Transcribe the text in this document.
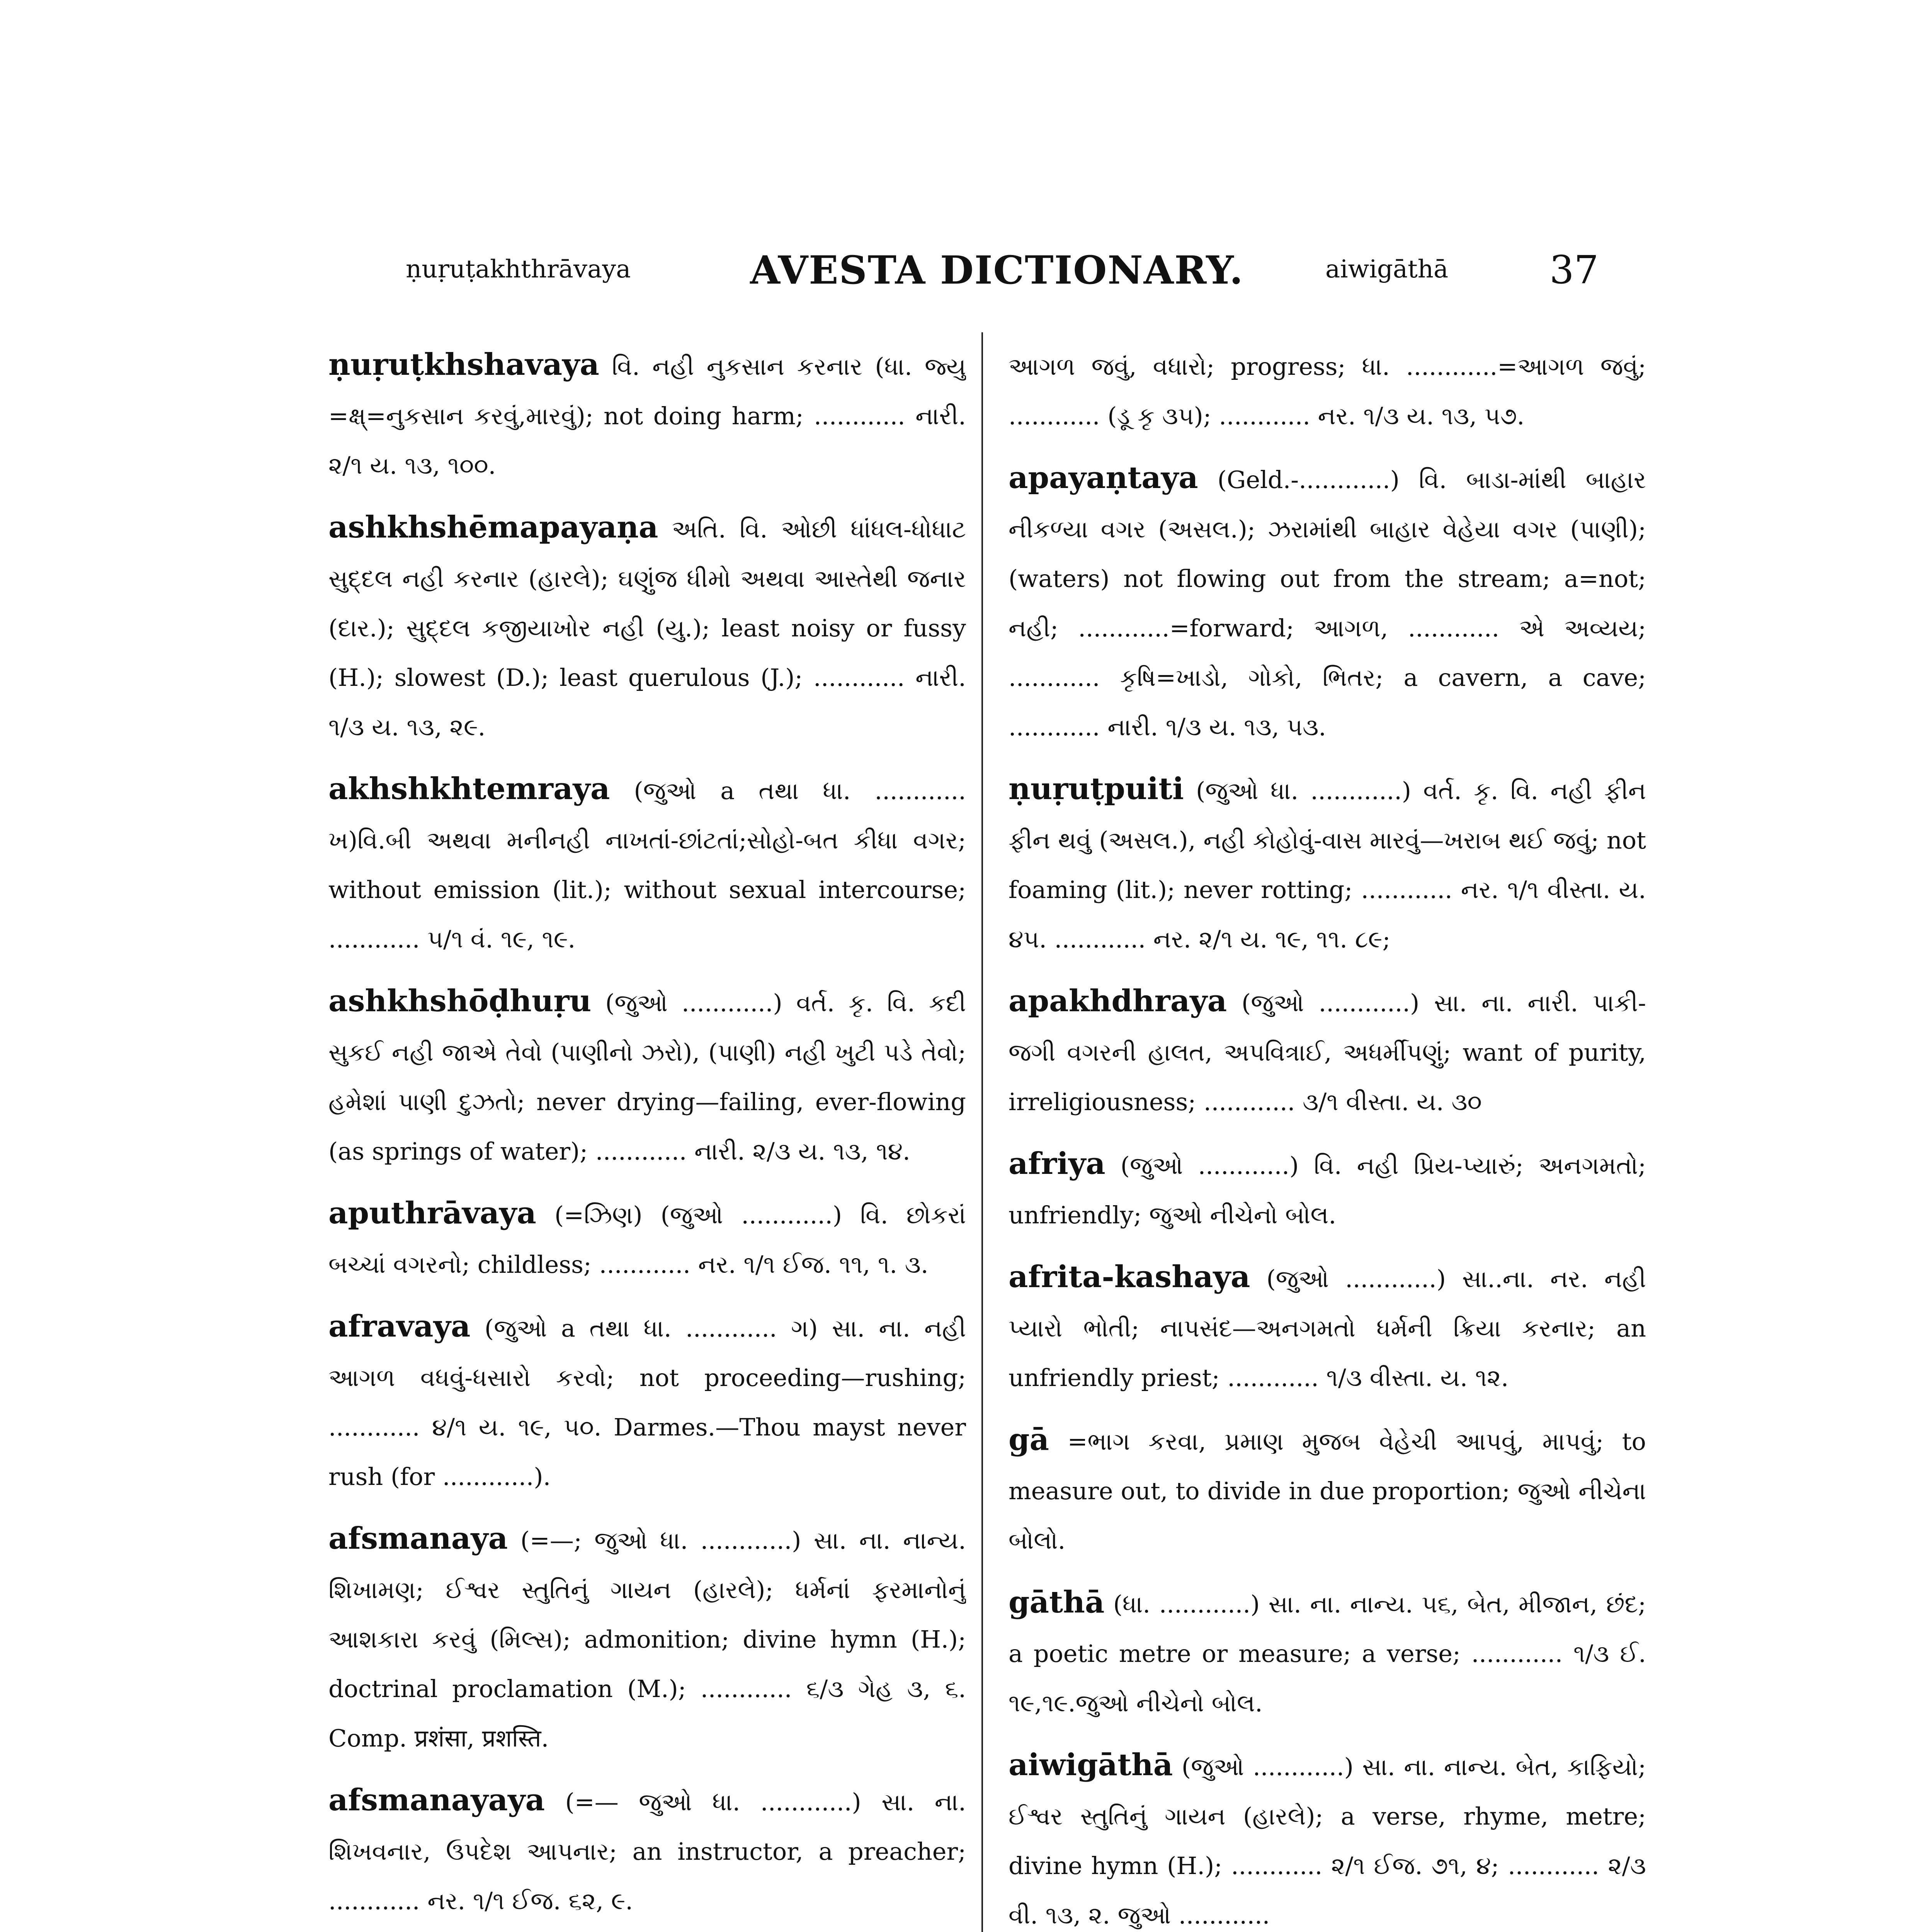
ṇuṛuṭakhthrāvaya	AVESTA DICTIONARY.	aiwigāthā	37

ṇuṛuṭkhshavaya વિ. નહી નુકસાન કરનાર (ધા. જ્યુ =ક્ષ્=નુકસાન કરવું,મારવું); not doing harm; ............ નારી. ૨/૧ ય. ૧૩, ૧૦૦.

ashkhshēmapayaṇa અતિ. વિ. ઓછી ધાંધલ-ધોધાટ સુદ્દલ નહી કરનાર (હારલે); ઘણુંજ ધીમો અથવા આસ્તેથી જનાર (દાર.); સુદ્દલ કજીયાખોર નહી (યુ.); least noisy or fussy (H.); slowest (D.); least querulous (J.); ............ નારી. ૧/૩ ય. ૧૩, ૨૯.

akhshkhtemraya (જુઓ a તથા ધા. ............ ખ)વિ.બી અથવા મનીનહી નાખતાં-છાંટતાં;સોહો-બત કીધા વગર; without emission (lit.); without sexual intercourse; ............ ૫/૧ વં. ૧૯, ૧૯.

ashkhshōḍhuṛu (જુઓ ............) વર્ત. કૃ. વિ. કદી સુકઈ નહી જાએ તેવો (પાણીનો ઝરો), (પાણી) નહી ખુટી પડે તેવો; હમેશાં પાણી દુઝતો; never drying—failing, ever-flowing (as springs of water); ............ નારી. ૨/૩ ય. ૧૩, ૧૪.

aputhrāvaya (=ઝિણ) (જુઓ ............) વિ. છોકરાં બચ્ચાં વગરનો; childless; ............ નર. ૧/૧ ઈજ. ૧૧, ૧. ૩.

afravaya (જુઓ a તથા ધા. ............ ગ) સા. ના. નહી આગળ વધવું-ધસારો કરવો; not proceeding—rushing; ............ ૪/૧ ય. ૧૯, ૫૦. Darmes.—Thou mayst never rush (for ............).

afsmanaya (=—; જુઓ ધા. ............) સા. ના. નાન્ય. શિખામણ; ઈશ્વર સ્તુતિનું ગાયન (હારલે); ધર્મનાં ફરમાનોનું આશકારા કરવું (મિલ્સ); admonition; divine hymn (H.); doctrinal proclamation (M.); ............ ૬/૩ ગેહ ૩, ૬. Comp. प्रशंसा, प्रशस्ति.

afsmanayaya (=— જુઓ ધા. ............) સા. ના. શિખવનાર, ઉપદેશ આપનાર; an instructor, a preacher; ............ નર. ૧/૧ ઈજ. ૬૨, ૯.

આગળ જવું, વધારો; progress; ધા. ............=આગળ જવું; ............ (ડૂ કૃ ૩૫); ............ નર. ૧/૩ ય. ૧૩, ૫૭.

apayaṇtaya (Geld.-............) વિ. બાડા-માંથી બાહાર નીકળ્યા વગર (અસલ.); ઝરામાંથી બાહાર વેહેયા વગર (પાણી); (waters) not flowing out from the stream; a=not; નહી; ............=forward; આગળ, ............ એ અવ્યય; ............ કૃષિ=ખાડો, ગોકો, ભિતર; a cavern, a cave; ............ નારી. ૧/૩ ય. ૧૩, ૫૩.

ṇuṛuṭpuiti (જુઓ ધા. ............) વર્ત. કૃ. વિ. નહી ફીન ફીન થવું (અસલ.), નહી કોહોવું-વાસ મારવું—ખરાબ થઈ જવું; not foaming (lit.); never rotting; ............ નર. ૧/૧ વીસ્તા. ય. ૪૫. ............ નર. ૨/૧ ય. ૧૯, ૧૧. ૮૯;

apakhdhraya (જુઓ ............) સા. ના. નારી. પાકી-જગી વગરની હાલત, અપવિત્રાઈ, અધર્મીપણું; want of purity, irreligiousness; ............ ૩/૧ વીસ્તા. ય. ૩૦

afriya (જુઓ ............) વિ. નહી પ્રિય-પ્યારું; અનગમતો; unfriendly; જુઓ નીચેનો બોલ.

afrita-kashaya (જુઓ ............) સા..ના. નર. નહી પ્યારો ભોતી; નાપસંદ—અનગમતો ધર્મની ક્રિયા કરનાર; an unfriendly priest; ............ ૧/૩ વીસ્તા. ય. ૧૨.

gā =ભાગ કરવા, પ્રમાણ મુજબ વેહેચી આપવું, માપવું; to measure out, to divide in due proportion; જુઓ નીચેના બોલો.

gāthā (ધા. ............) સા. ના. નાન્ય. ૫૬, બેત, મીજાન, છંદ; a poetic metre or measure; a verse; ............ ૧/૩ ઈ. ૧૯,૧૯.જુઓ નીચેનો બોલ.

aiwigāthā (જુઓ ............) સા. ના. નાન્ય. બેત, કાફિયો; ઈશ્વર સ્તુતિનું ગાયન (હારલે); a verse, rhyme, metre; divine hymn (H.); ............ ૨/૧ ઈજ. ૭૧, ૪; ............ ૨/૩ વી. ૧૩, ૨. જુઓ ............
